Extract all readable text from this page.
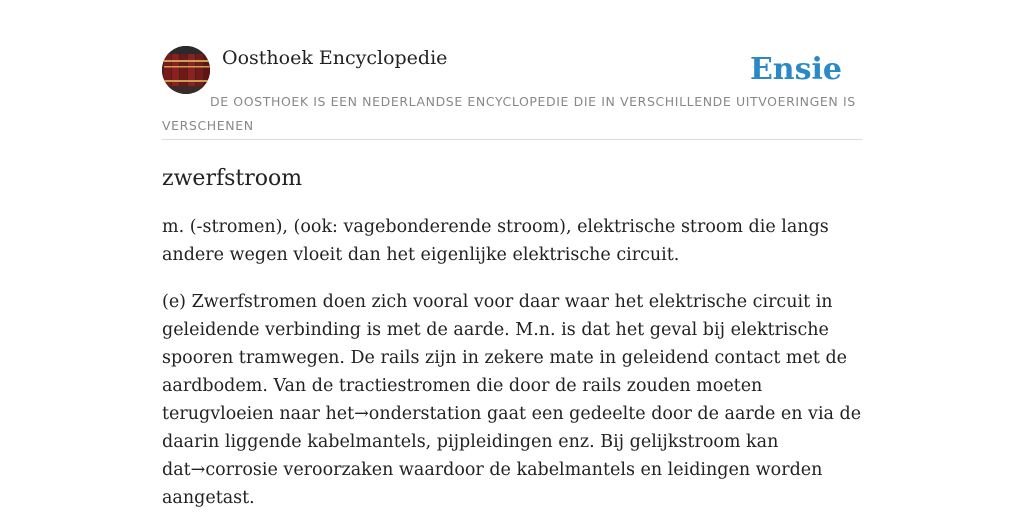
Oosthoek Encyclopedie	Ensie
DE OOSTHOEK IS EEN NEDERLANDSE ENCYCLOPEDIE DIE IN VERSCHILLENDE UITVOERINGEN IS VERSCHENEN
zwerfstroom

m. (-stromen), (ook: vagebonderende stroom), elektrische stroom die langs andere wegen vloeit dan het eigenlijke elektrische circuit.

(e) Zwerfstromen doen zich vooral voor daar waar het elektrische circuit in geleidende verbinding is met de aarde. M.n. is dat het geval bij elektrische spooren tramwegen. De rails zijn in zekere mate in geleidend contact met de aardbodem. Van de tractiestromen die door de rails zouden moeten terugvloeien naar het→onderstation gaat een gedeelte door de aarde en via de daarin liggende kabelmantels, pijpleidingen enz. Bij gelijkstroom kan dat→corrosie veroorzaken waardoor de kabelmantels en leidingen worden aangetast.
